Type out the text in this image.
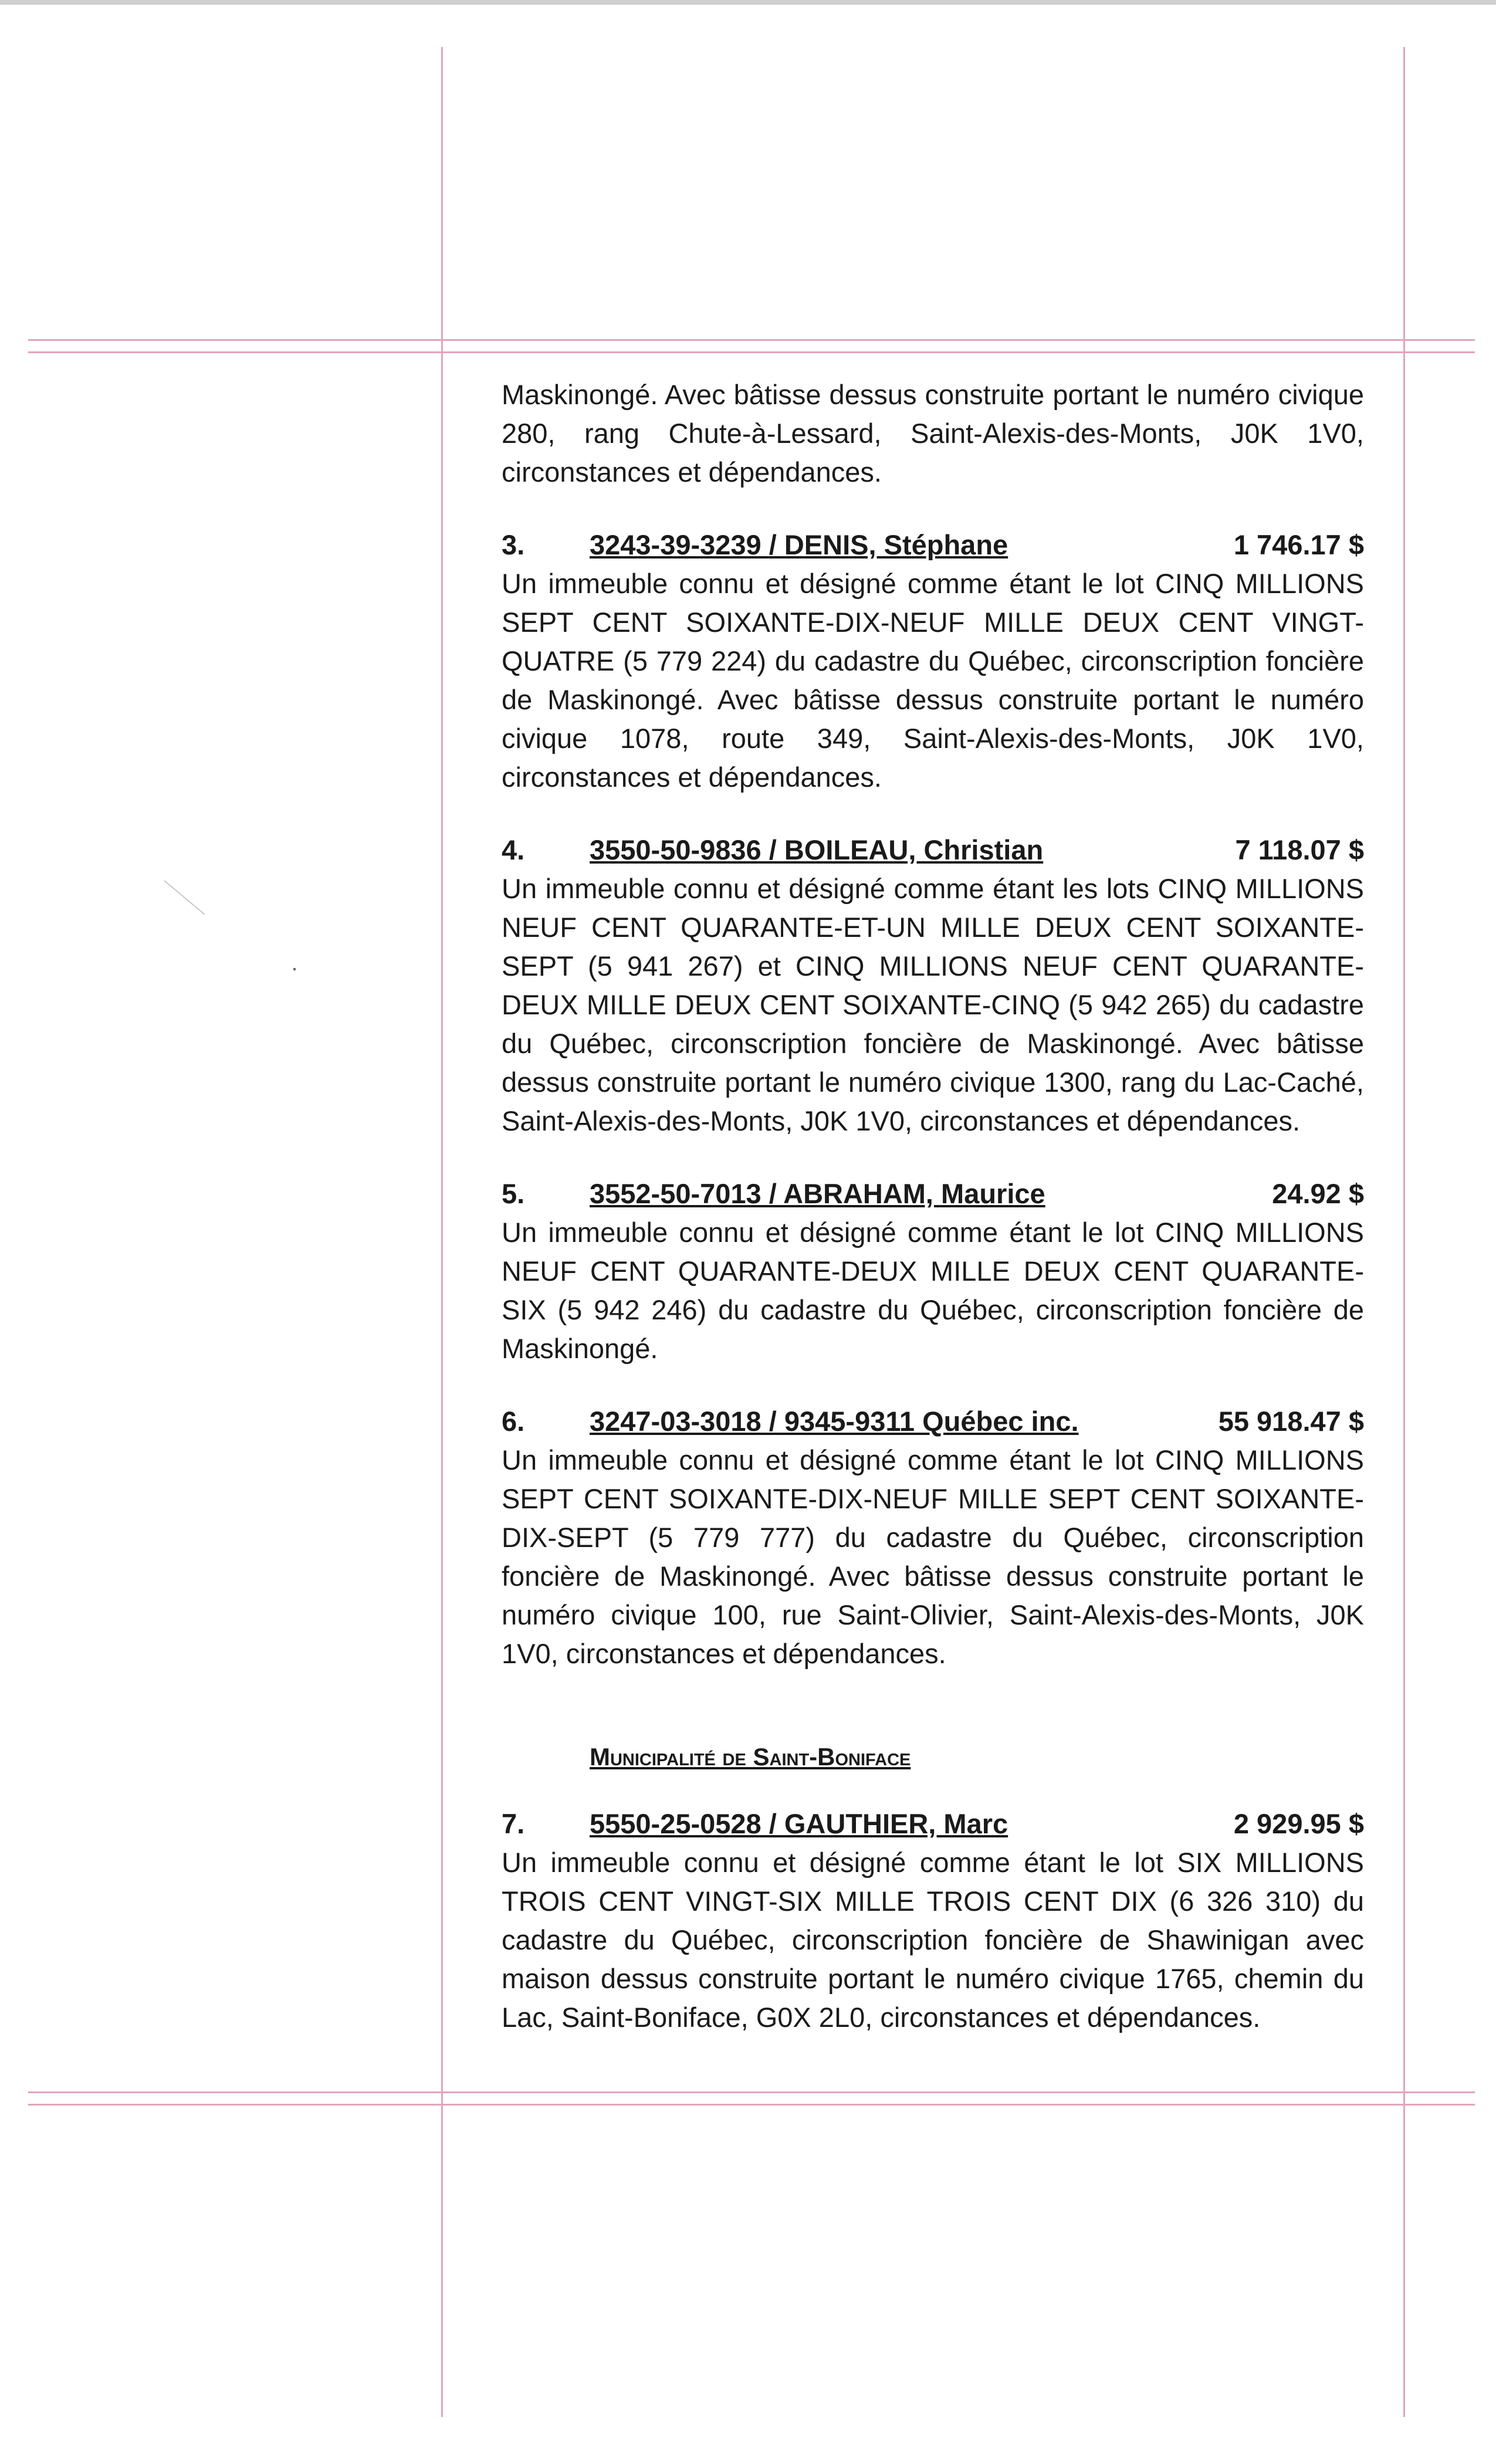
Maskinongé. Avec bâtisse dessus construite portant le numéro civique 280, rang Chute-à-Lessard, Saint-Alexis-des-Monts, J0K 1V0, circonstances et dépendances.

3.	3243-39-3239 / DENIS, Stéphane	1 746.17 $

Un immeuble connu et désigné comme étant le lot CINQ MILLIONS SEPT CENT SOIXANTE-DIX-NEUF MILLE DEUX CENT VINGT-QUATRE (5 779 224) du cadastre du Québec, circonscription foncière de Maskinongé. Avec bâtisse dessus construite portant le numéro civique 1078, route 349, Saint-Alexis-des-Monts, J0K 1V0, circonstances et dépendances.

4.	3550-50-9836 / BOILEAU, Christian	7 118.07 $

Un immeuble connu et désigné comme étant les lots CINQ MILLIONS NEUF CENT QUARANTE-ET-UN MILLE DEUX CENT SOIXANTE-SEPT (5 941 267) et CINQ MILLIONS NEUF CENT QUARANTE-DEUX MILLE DEUX CENT SOIXANTE-CINQ (5 942 265) du cadastre du Québec, circonscription foncière de Maskinongé. Avec bâtisse dessus construite portant le numéro civique 1300, rang du Lac-Caché, Saint-Alexis-des-Monts, J0K 1V0, circonstances et dépendances.

5.	3552-50-7013 / ABRAHAM, Maurice	24.92 $

Un immeuble connu et désigné comme étant le lot CINQ MILLIONS NEUF CENT QUARANTE-DEUX MILLE DEUX CENT QUARANTE-SIX (5 942 246) du cadastre du Québec, circonscription foncière de Maskinongé.

6.	3247-03-3018 / 9345-9311 Québec inc.	55 918.47 $

Un immeuble connu et désigné comme étant le lot CINQ MILLIONS SEPT CENT SOIXANTE-DIX-NEUF MILLE SEPT CENT SOIXANTE-DIX-SEPT (5 779 777) du cadastre du Québec, circonscription foncière de Maskinongé. Avec bâtisse dessus construite portant le numéro civique 100, rue Saint-Olivier, Saint-Alexis-des-Monts, J0K 1V0, circonstances et dépendances.

Municipalité de Saint-Boniface
7.	5550-25-0528 / GAUTHIER, Marc	2 929.95 $

Un immeuble connu et désigné comme étant le lot SIX MILLIONS TROIS CENT VINGT-SIX MILLE TROIS CENT DIX (6 326 310) du cadastre du Québec, circonscription foncière de Shawinigan avec maison dessus construite portant le numéro civique 1765, chemin du Lac, Saint-Boniface, G0X 2L0, circonstances et dépendances.
